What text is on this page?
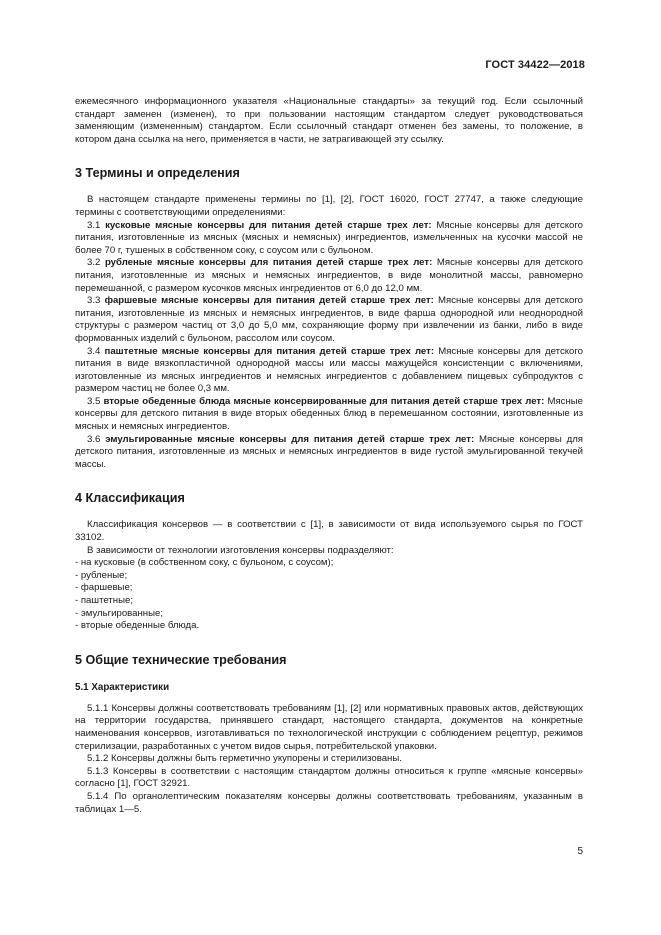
ГОСТ 34422—2018

ежемесячного информационного указателя «Национальные стандарты» за текущий год. Если ссылочный стандарт заменен (изменен), то при пользовании настоящим стандартом следует руководствоваться заменяющим (измененным) стандартом. Если ссылочный стандарт отменен без замены, то положение, в котором дана ссылка на него, применяется в части, не затрагивающей эту ссылку.

3 Термины и определения

В настоящем стандарте применены термины по [1], [2], ГОСТ 16020, ГОСТ 27747, а также следующие термины с соответствующими определениями:

3.1 кусковые мясные консервы для питания детей старше трех лет: Мясные консервы для детского питания, изготовленные из мясных (мясных и немясных) ингредиентов, измельченных на кусочки массой не более 70 г, тушеных в собственном соку, с соусом или с бульоном.

3.2 рубленые мясные консервы для питания детей старше трех лет: Мясные консервы для детского питания, изготовленные из мясных и немясных ингредиентов, в виде монолитной массы, равномерно перемешанной, с размером кусочков мясных ингредиентов от 6,0 до 12,0 мм.

3.3 фаршевые мясные консервы для питания детей старше трех лет: Мясные консервы для детского питания, изготовленные из мясных и немясных ингредиентов, в виде фарша однородной или неоднородной структуры с размером частиц от 3,0 до 5,0 мм, сохраняющие форму при извлечении из банки, либо в виде формованных изделий с бульоном, рассолом или соусом.

3.4 паштетные мясные консервы для питания детей старше трех лет: Мясные консервы для детского питания в виде вязкопластичной однородной массы или массы мажущейся консистенции с включениями, изготовленные из мясных ингредиентов и немясных ингредиентов с добавлением пищевых субпродуктов с размером частиц не более 0,3 мм.

3.5 вторые обеденные блюда мясные консервированные для питания детей старше трех лет: Мясные консервы для детского питания в виде вторых обеденных блюд в перемешанном состоянии, изготовленные из мясных и немясных ингредиентов.

3.6 эмульгированные мясные консервы для питания детей старше трех лет: Мясные консервы для детского питания, изготовленные из мясных и немясных ингредиентов в виде густой эмульгированной текучей массы.

4 Классификация

Классификация консервов — в соответствии с [1], в зависимости от вида используемого сырья по ГОСТ 33102.

В зависимости от технологии изготовления консервы подразделяют:

- на кусковые (в собственном соку, с бульоном, с соусом);
- рубленые;
- фаршевые;
- паштетные;
- эмульгированные;
- вторые обеденные блюда.
5 Общие технические требования
5.1 Характеристики

5.1.1 Консервы должны соответствовать требованиям [1], [2] или нормативных правовых актов, действующих на территории государства, принявшего стандарт, настоящего стандарта, документов на конкретные наименования консервов, изготавливаться по технологической инструкции с соблюдением рецептур, режимов стерилизации, разработанных с учетом видов сырья, потребительской упаковки.

5.1.2 Консервы должны быть герметично укупорены и стерилизованы.

5.1.3 Консервы в соответствии с настоящим стандартом должны относиться к группе «мясные консервы» согласно [1], ГОСТ 32921.

5.1.4 По органолептическим показателям консервы должны соответствовать требованиям, указанным в таблицах 1—5.

5
